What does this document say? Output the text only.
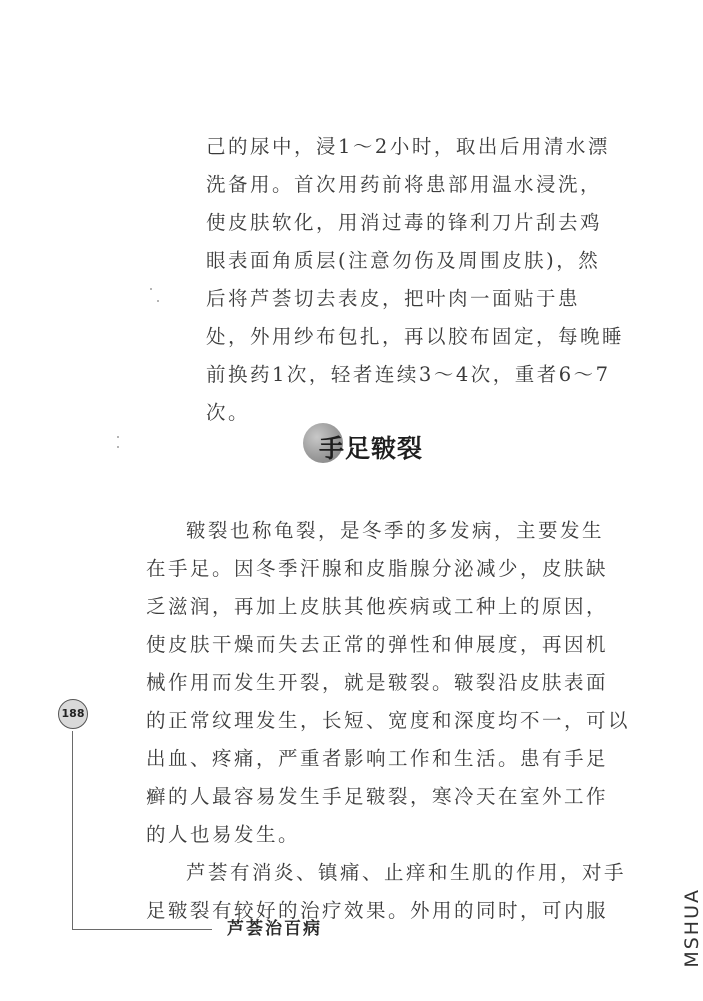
己的尿中，浸1～2小时，取出后用清水漂
洗备用。首次用药前将患部用温水浸洗，
使皮肤软化，用消过毒的锋利刀片刮去鸡
眼表面角质层(注意勿伤及周围皮肤)，然
后将芦荟切去表皮，把叶肉一面贴于患
处，外用纱布包扎，再以胶布固定，每晚睡
前换药1次，轻者连续3～4次，重者6～7
次。
手足皲裂
皲裂也称龟裂，是冬季的多发病，主要发生
在手足。因冬季汗腺和皮脂腺分泌减少，皮肤缺
乏滋润，再加上皮肤其他疾病或工种上的原因，
使皮肤干燥而失去正常的弹性和伸展度，再因机
械作用而发生开裂，就是皲裂。皲裂沿皮肤表面
的正常纹理发生，长短、宽度和深度均不一，可以
出血、疼痛，严重者影响工作和生活。患有手足
癣的人最容易发生手足皲裂，寒冷天在室外工作
的人也易发生。
芦荟有消炎、镇痛、止痒和生肌的作用，对手
足皲裂有较好的治疗效果。外用的同时，可内服
188
芦荟治百病	MSHUA
